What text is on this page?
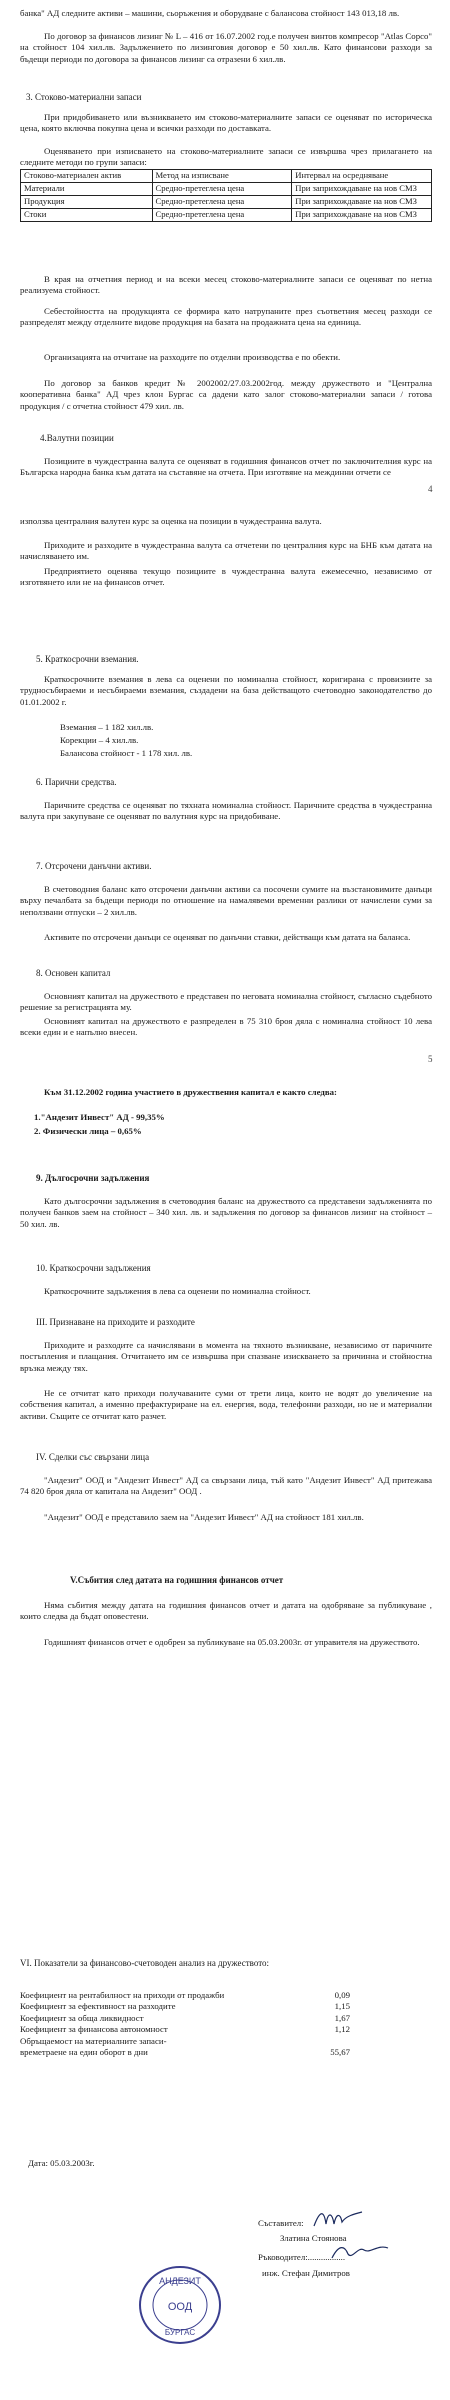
банка" АД следните активи – машини, сьоръжения и оборудване с балансова стойност 143 013,18 лв.

По договор за финансов лизинг № L – 416 от 16.07.2002 год.е получен винтов компресор "Atlas Copco" на стойност 104 хил.лв. Задължението по лизинговия договор е 50 хил.лв. Като финансови разходи за бъдещи периоди по договора за финансов лизинг са отразени 6 хил.лв.

3. Стоково-материални запаси

При придобиването или възникването им стоково-материалните запаси се оценяват по историческа цена, която включва покупна цена и всички разходи по доставката.

Оценяването при изписването на стоково-материалните запаси се извършва чрез прилагането на следните методи по групи запаси:

Стоково-материален актив	Метод на изписване	Интервал на осредняване
Материали	Средно-претеглена цена	При заприхождаване на нов СМЗ
Продукция	Средно-претеглена цена	При заприхождаване на нов СМЗ
Стоки	Средно-претеглена цена	При заприхождаване на нов СМЗ

В края на отчетния период и на всеки месец стоково-материалните запаси се оценяват по нетна реализуема стойност.

Себестойността на продукцията се формира като натрупаните през съответния месец разходи се разпределят между отделните видове продукция на базата на продажната цена на единица.

Организацията на отчитане на разходите по отделни производства е по обекти.

По договор за банков кредит № 2002002/27.03.2002год. между дружеството и "Централна кооперативна банка" АД чрез клон Бургас са дадени като залог стоково-материални запаси / готова продукция / с отчетна стойност 479 хил. лв.

4.Валутни позиции

Позициите в чуждестранна валута се оценяват в годишния финансов отчет по заключителния курс на Българска народна банка към датата на съставяне на отчета. При изготвяне на междинни отчети се

4

използва централния валутен курс за оценка на позиции в чуждестранна валута.

Приходите и разходите в чуждестранна валута са отчетени по централния курс на БНБ към датата на начисляването им.

Предприятието оценява текущо позициите в чуждестранна валута ежемесечно, независимо от изготвянето или не на финансов отчет.

5. Краткосрочни вземания.

Краткосрочните вземания в лева са оценени по номинална стойност, коригирана с провизиите за трудносъбираеми и несъбираеми вземания, създадени на база действащото счетоводно законодателство до 01.01.2002 г.

Вземания – 1 182 хил.лв.

Корекции – 4 хил.лв.

Балансова стойност - 1 178 хил. лв.

6. Парични средства.

Паричните средства се оценяват по тяхната номинална стойност. Паричните средства в чуждестранна валута при закупуване се оценяват по валутния курс на придобиване.

7. Отсрочени данъчни активи.

В счетоводния баланс като отсрочени данъчни активи са посочени сумите на възстановимите данъци върху печалбата за бъдещи периоди по отношение на намалявеми временни разлики от начислени суми за неползвани отпуски – 2 хил.лв.

Активите по отсрочени данъци се оценяват по данъчни ставки, действащи към датата на баланса.

8. Основен капитал

Основният капитал на дружеството е представен по неговата номинална стойност, съгласно съдебното решение за регистрацията му.

Основният капитал на дружеството е разпределен в 75 310 броя дяла с номинална стойност 10 лева всеки един и е напълно внесен.

5

Към 31.12.2002 година участието в дружествения капитал е както следва:

1."Андезит Инвест" АД - 99,35%

2. Физически лица – 0,65%

9. Дългосрочни задължения

Като дългосрочни задължения в счетоводния баланс на дружеството са представени задълженията по получен банков заем на стойност – 340 хил. лв. и задължения по договор за финансов лизинг на стойност – 50 хил. лв.

10. Краткосрочни задължения

Краткосрочните задължения в лева са оценени по номинална стойност.

III. Признаване на приходите и разходите

Приходите и разходите са начислявани в момента на тяхното възникване, независимо от паричните постъпления и плащания. Отчитането им се извършва при спазване изискването за причинна и стойностна връзка между тях.

Не се отчитат като приходи получаваните суми от трети лица, които не водят до увеличение на собствения капитал, а именно префактуриране на ел. енергия, вода, телефонни разходи, но не и материални активи. Същите се отчитат като разчет.

IV. Сделки със свързани лица

"Андезит" ООД и "Андезит Инвест" АД са свързани лица, тъй като "Андезит Инвест" АД притежава 74 820 броя дяла от капитала на Андезит" ООД .

"Андезит" ООД е представило заем на "Андезит Инвест" АД на стойност 181 хил.лв.

V.Събития след датата на годишния финансов отчет

Няма събития между датата на годишния финансов отчет и датата на одобряване за публикуване , които следва да бъдат оповестени.

Годишният финансов отчет е одобрен за публикуване на 05.03.2003г. от управителя на дружеството.

VI. Показатели за финансово-счетоводен анализ на дружеството:

Коефициент на рентабилност на приходи от продажби	0,09
Коефициент за ефективност на разходите	1,15
Коефициент за обща ликвидност	1,67
Коефициент за финансова автономност	1,12
Обръщаемост на материалните запаси-
времетраене на един оборот в дни	55,67

Дата: 05.03.2003г.

Съставител:
Златина Стоянова
Ръководител:.................
инж. Стефан Димитров
АНДЕЗИТ
ООД
БУРГАС
